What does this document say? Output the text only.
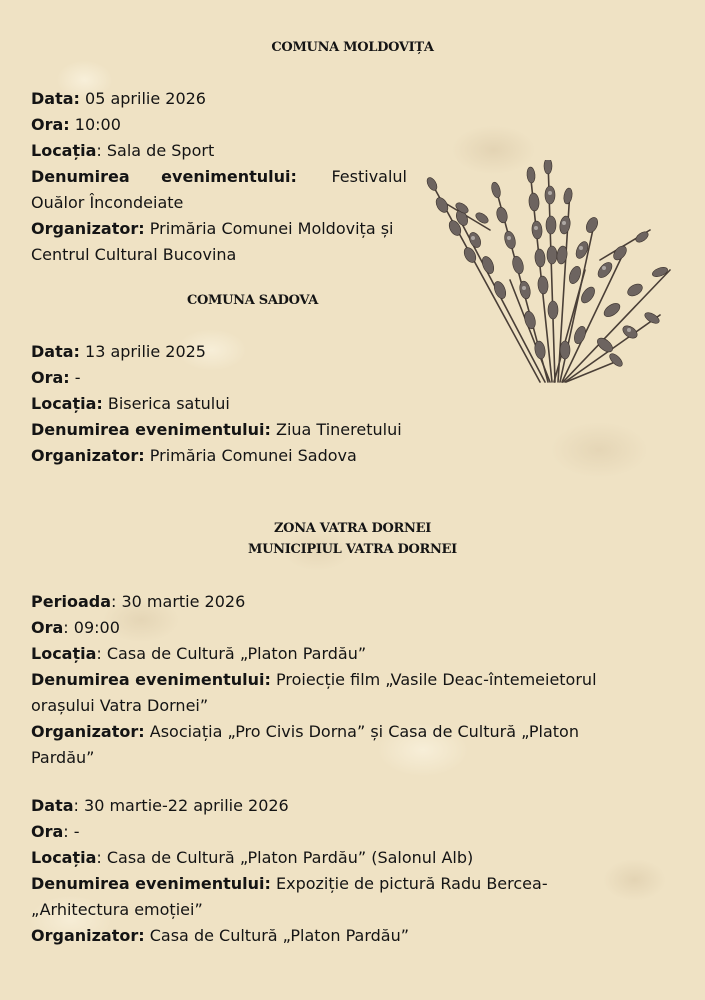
COMUNA MOLDOVIȚA
Data: 05 aprilie 2026
Ora: 10:00
Locația: Sala de Sport
Denumirea evenimentului: Festivalul
Ouălor Încondeiate
Organizator: Primăria Comunei Moldovița și
Centrul Cultural Bucovina
COMUNA SADOVA
Data: 13 aprilie 2025
Ora: -
Locația: Biserica satului
Denumirea evenimentului: Ziua Tineretului
Organizator: Primăria Comunei Sadova
ZONA VATRA DORNEI
MUNICIPIUL VATRA DORNEI
Perioada: 30 martie 2026
Ora: 09:00
Locația: Casa de Cultură „Platon Pardău”
Denumirea evenimentului: Proiecție film „Vasile Deac-întemeietorul
orașului Vatra Dornei”
Organizator: Asociația „Pro Civis Dorna” și Casa de Cultură „Platon
Pardău”
Data: 30 martie-22 aprilie 2026
Ora: -
Locația: Casa de Cultură „Platon Pardău” (Salonul Alb)
Denumirea evenimentului: Expoziție de pictură Radu Bercea-
„Arhitectura emoției”
Organizator: Casa de Cultură „Platon Pardău”
